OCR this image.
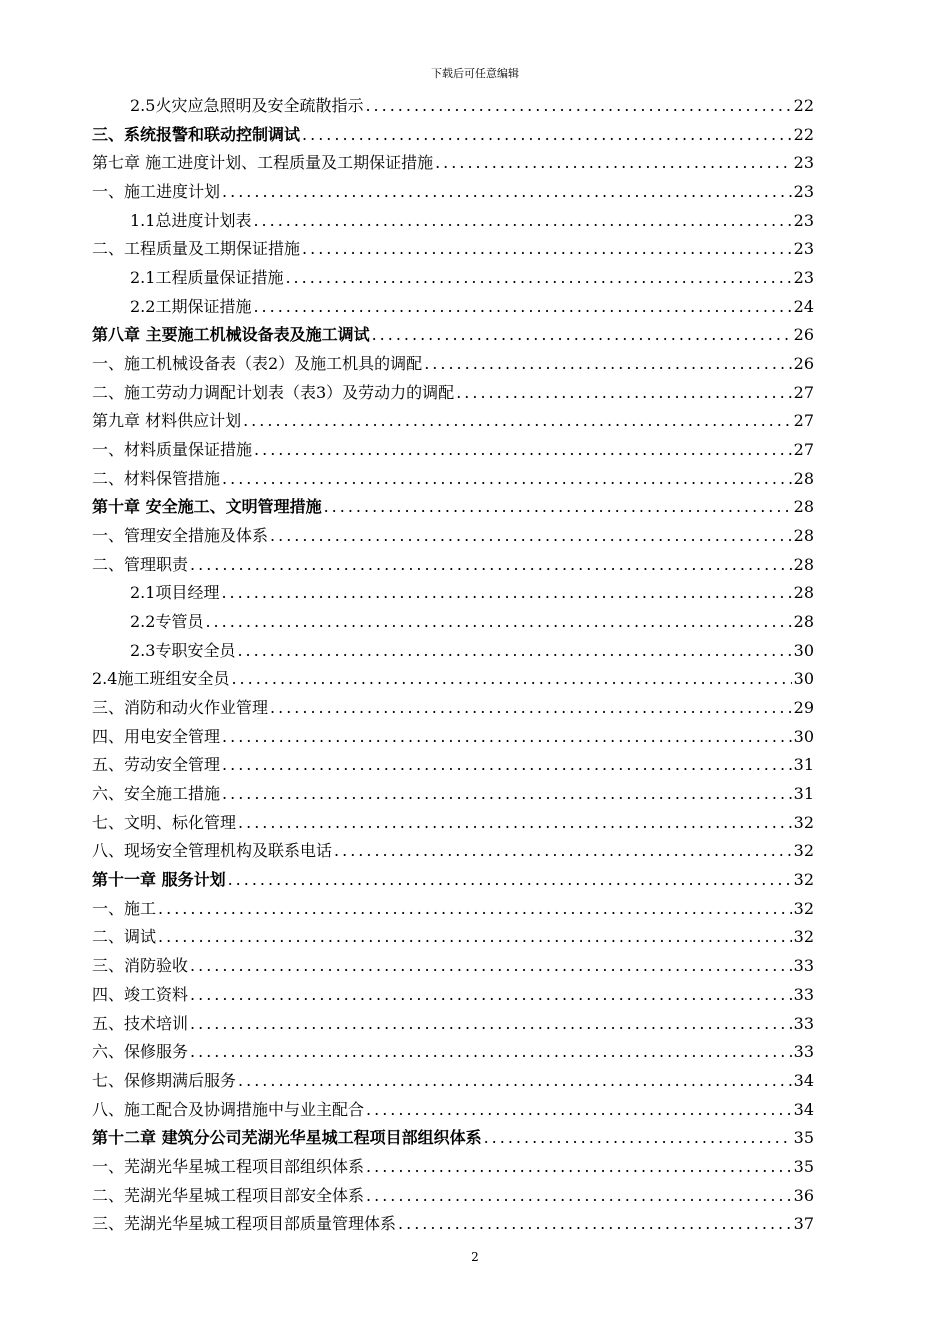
下载后可任意编辑
2.5火灾应急照明及安全疏散指示 .....	22
三、系统报警和联动控制调试 .....	22
第七章 施工进度计划、工程质量及工期保证措施 .....	23
一、施工进度计划 .....	23
1.1总进度计划表 .....	23
二、工程质量及工期保证措施 .....	23
2.1工程质量保证措施 .....	23
2.2工期保证措施 .....	24
第八章 主要施工机械设备表及施工调试 .....	26
一、施工机械设备表（表2）及施工机具的调配 .....	26
二、施工劳动力调配计划表（表3）及劳动力的调配 .....	27
第九章 材料供应计划 .....	27
一、材料质量保证措施 .....	27
二、材料保管措施 .....	28
第十章 安全施工、文明管理措施 .....	28
一、管理安全措施及体系 .....	28
二、管理职责 .....	28
2.1项目经理 .....	28
2.2专管员 .....	28
2.3专职安全员 .....	30
2.4施工班组安全员 .....	30
三、消防和动火作业管理 .....	29
四、用电安全管理 .....	30
五、劳动安全管理 .....	31
六、安全施工措施 .....	31
七、文明、标化管理 .....	32
八、现场安全管理机构及联系电话 .....	32
第十一章 服务计划 .....	32
一、施工 .....	32
二、调试 .....	32
三、消防验收 .....	33
四、竣工资料 .....	33
五、技术培训 .....	33
六、保修服务 .....	33
七、保修期满后服务 .....	34
八、施工配合及协调措施中与业主配合 .....	34
第十二章 建筑分公司芜湖光华星城工程项目部组织体系 .....	35
一、芜湖光华星城工程项目部组织体系 .....	35
二、芜湖光华星城工程项目部安全体系 .....	36
三、芜湖光华星城工程项目部质量管理体系 .....	37
2
